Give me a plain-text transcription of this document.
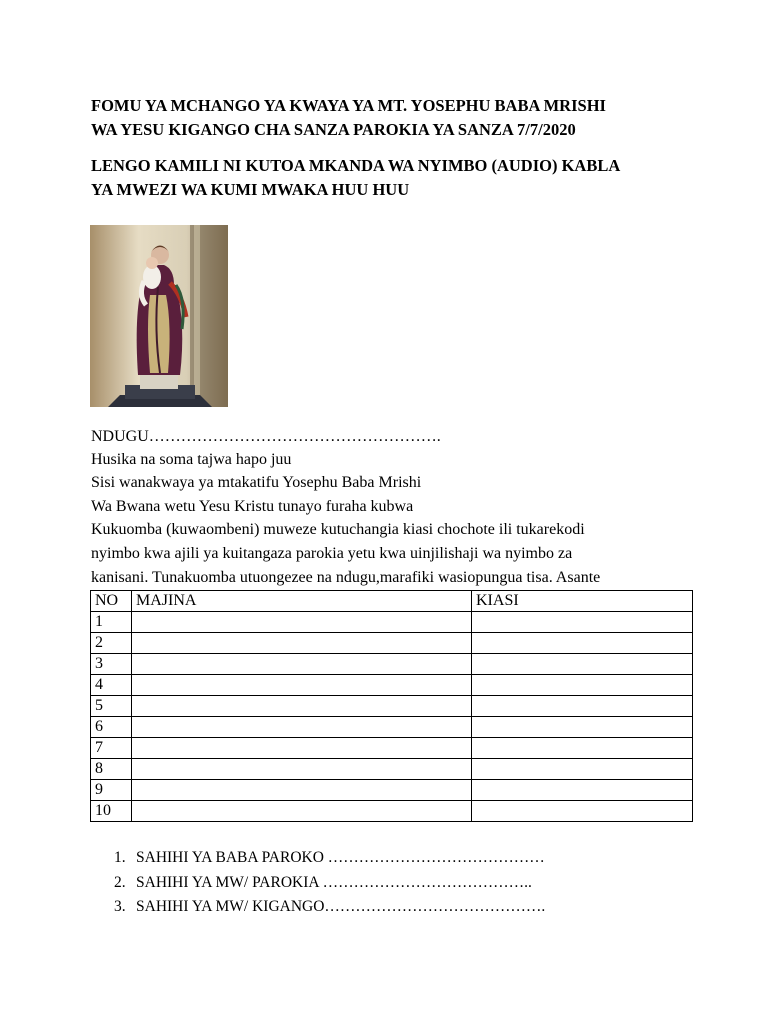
FOMU YA MCHANGO YA KWAYA YA MT. YOSEPHU BABA MRISHI
WA YESU KIGANGO CHA SANZA PAROKIA YA SANZA 7/7/2020
LENGO KAMILI NI KUTOA MKANDA WA NYIMBO (AUDIO) KABLA
YA MWEZI WA KUMI MWAKA HUU HUU
NDUGU……………………………………………….
Husika na soma tajwa hapo juu
Sisi wanakwaya ya mtakatifu Yosephu Baba Mrishi
Wa Bwana wetu Yesu Kristu tunayo furaha kubwa
Kukuomba (kuwaombeni) muweze kutuchangia kiasi chochote ili tukarekodi
nyimbo kwa ajili ya kuitangaza parokia yetu kwa uinjilishaji wa nyimbo za
kanisani. Tunakuomba utuongezee na ndugu,marafiki wasiopungua tisa. Asante
NO	MAJINA	KIASI
1		
2		
3		
4		
5		
6		
7		
8		
9		
10		
1. SAHIHI YA BABA PAROKO ……………………………………
2. SAHIHI YA MW/ PAROKIA …………………………………..
3. SAHIHI YA MW/ KIGANGO…………………………………….
